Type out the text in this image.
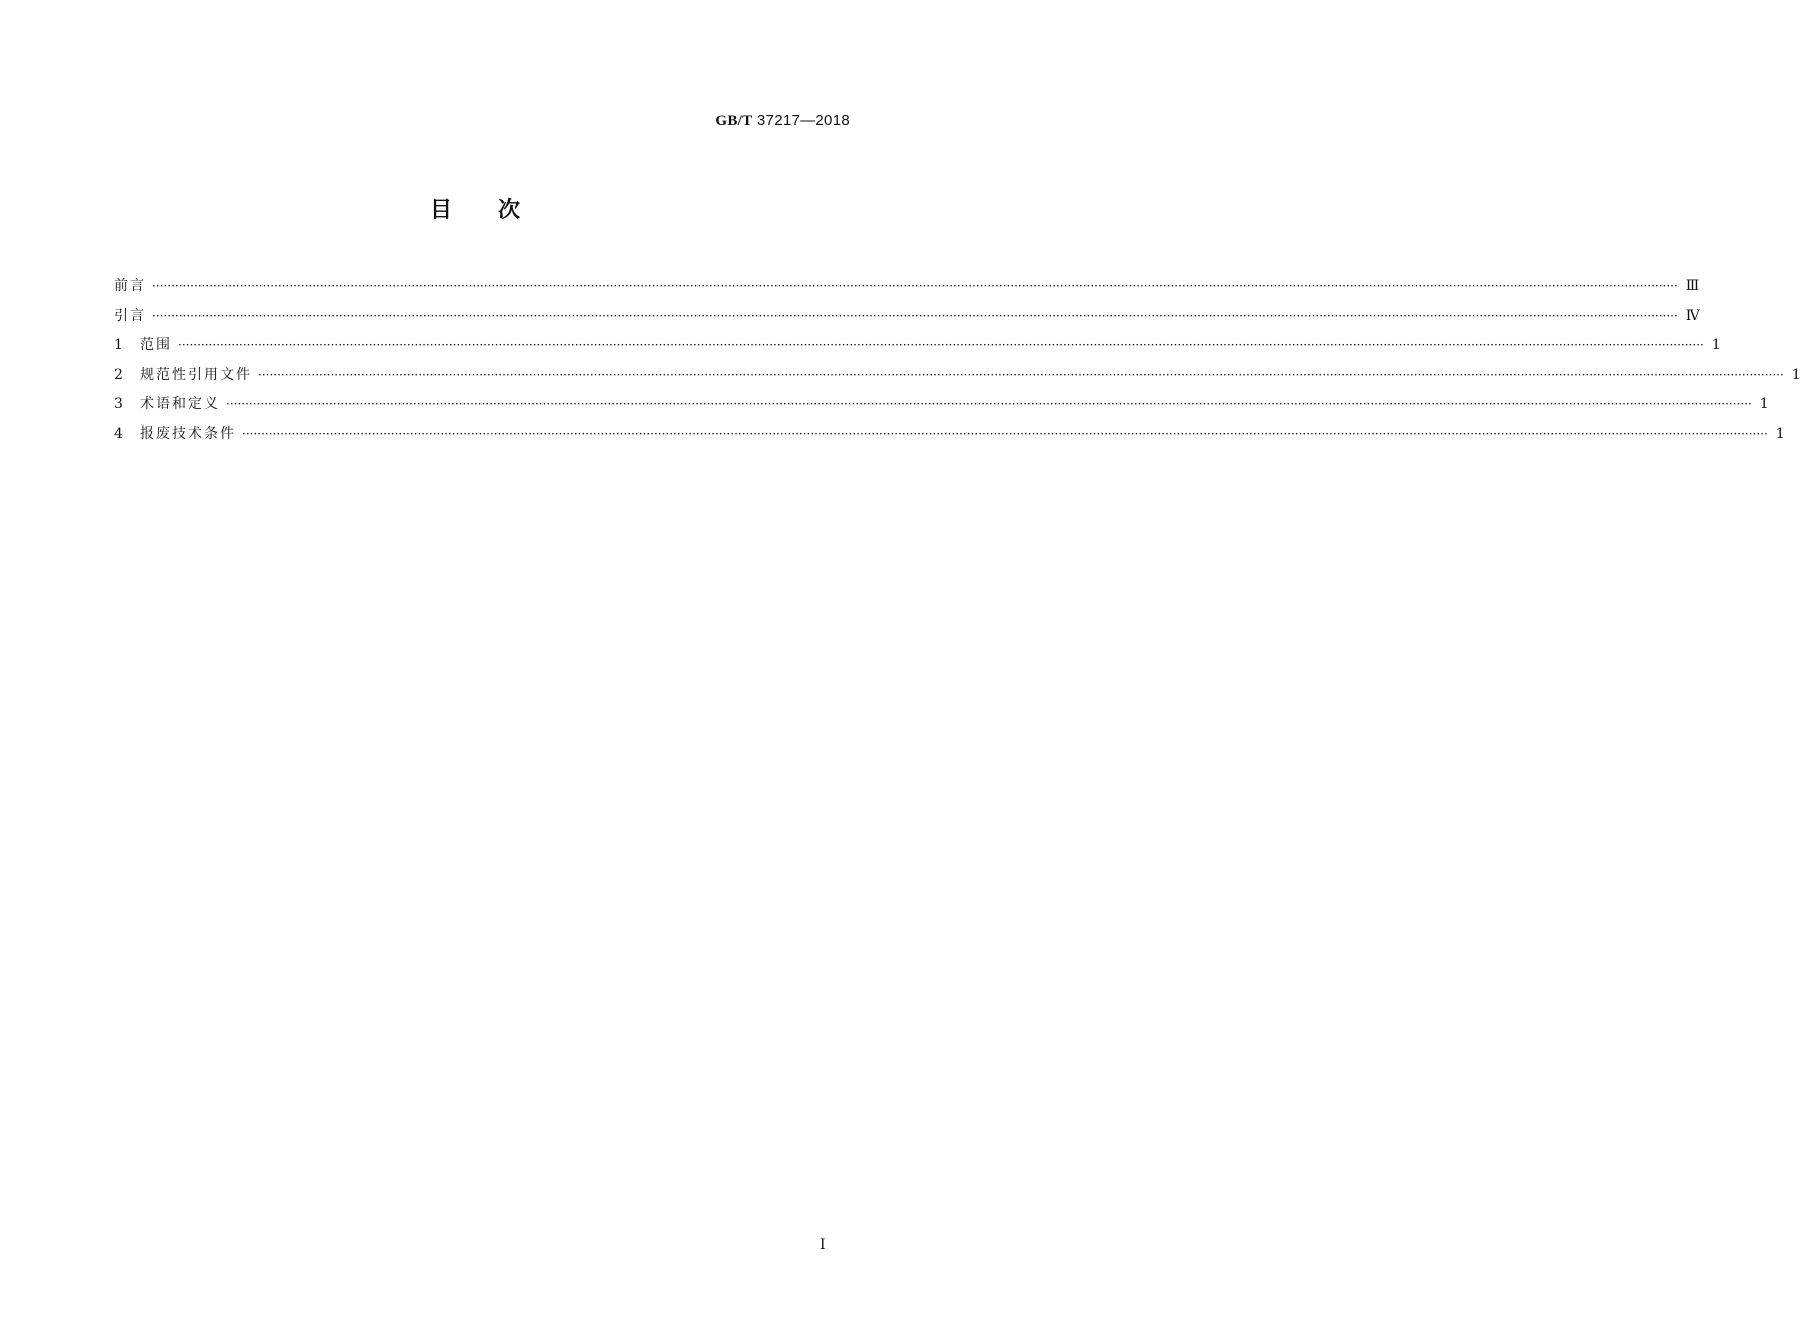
GB/T 37217—2018
目次
前言 ················································································································································································································································································································································································································ Ⅲ
引言 ················································································································································································································································································································································································································ Ⅳ
1	范围 ················································································································································································································································································································································································································ 1
2	规范性引用文件 ················································································································································································································································································································································································································ 1
3	术语和定义 ················································································································································································································································································································································································································ 1
4	报废技术条件 ················································································································································································································································································································································································································ 1
Ⅰ
